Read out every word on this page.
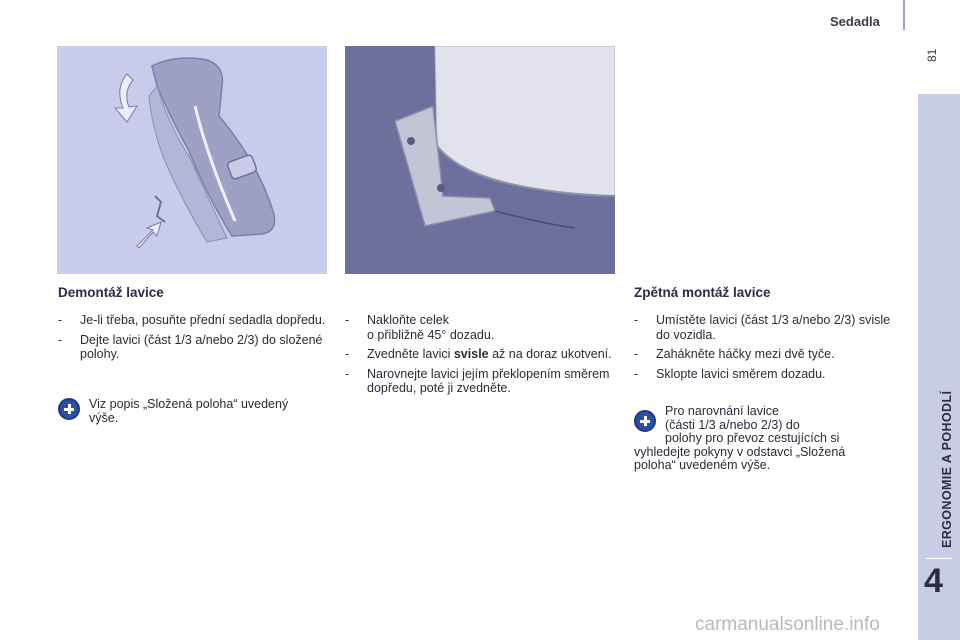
Sedadla
81
ERGONOMIE A POHODLÍ
4
Demontáž lavice
- Je-li třeba, posuňte přední sedadla dopředu.
- Dejte lavici (část 1/3 a/nebo 2/3) do složené polohy.
Viz popis „Složená poloha“ uvedený výše.
- Nakloňte celek
o přibližně 45° dozadu.
- Zvedněte lavici svisle až na doraz ukotvení.
- Narovnejte lavici jejím překlopením směrem dopředu, poté ji zvedněte.
Zpětná montáž lavice
- Umístěte lavici (část 1/3 a/nebo 2/3) svisle do vozidla.
- Zahákněte háčky mezi dvě tyče.
- Sklopte lavici směrem dozadu.
Pro narovnání lavice
(části 1/3 a/nebo 2/3) do
polohy pro převoz cestujících si
vyhledejte pokyny v odstavci „Složená
poloha“ uvedeném výše.
carmanualsonline.info
